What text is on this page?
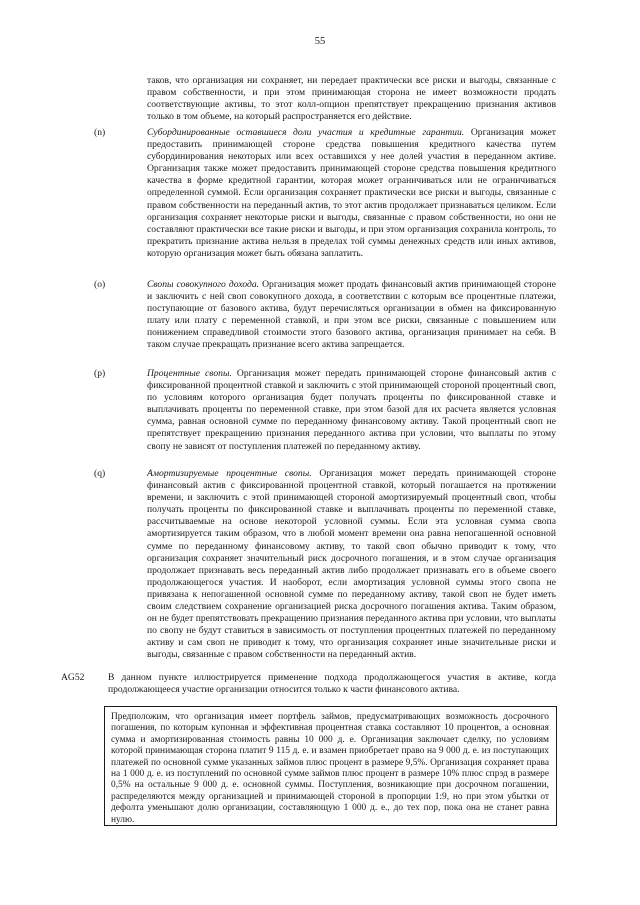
55
таков, что организация ни сохраняет, ни передает практически все риски и выгоды, связанные с правом собственности, и при этом принимающая сторона не имеет возможности продать соответствующие активы, то этот колл-опцион препятствует прекращению признания активов только в том объеме, на который распространяется его действие.
(n)	Субординированные оставшиеся доли участия и кредитные гарантии. Организация может предоставить принимающей стороне средства повышения кредитного качества путем субординирования некоторых или всех оставшихся у нее долей участия в переданном активе. Организация также может предоставить принимающей стороне средства повышения кредитного качества в форме кредитной гарантии, которая может ограничиваться или не ограничиваться определенной суммой. Если организация сохраняет практически все риски и выгоды, связанные с правом собственности на переданный актив, то этот актив продолжает признаваться целиком. Если организация сохраняет некоторые риски и выгоды, связанные с правом собственности, но они не составляют практически все такие риски и выгоды, и при этом организация сохранила контроль, то прекратить признание актива нельзя в пределах той суммы денежных средств или иных активов, которую организация может быть обязана заплатить.
(o)	Свопы совокупного дохода. Организация может продать финансовый актив принимающей стороне и заключить с ней своп совокупного дохода, в соответствии с которым все процентные платежи, поступающие от базового актива, будут перечисляться организации в обмен на фиксированную плату или плату с переменной ставкой, и при этом все риски, связанные с повышением или понижением справедливой стоимости этого базового актива, организация принимает на себя. В таком случае прекращать признание всего актива запрещается.
(p)	Процентные свопы. Организация может передать принимающей стороне финансовый актив с фиксированной процентной ставкой и заключить с этой принимающей стороной процентный своп, по условиям которого организация будет получать проценты по фиксированной ставке и выплачивать проценты по переменной ставке, при этом базой для их расчета является условная сумма, равная основной сумме по переданному финансовому активу. Такой процентный своп не препятствует прекращению признания переданного актива при условии, что выплаты по этому свопу не зависят от поступления платежей по переданному активу.
(q)	Амортизируемые процентные свопы. Организация может передать принимающей стороне финансовый актив с фиксированной процентной ставкой, который погашается на протяжении времени, и заключить с этой принимающей стороной амортизируемый процентный своп, чтобы получать проценты по фиксированной ставке и выплачивать проценты по переменной ставке, рассчитываемые на основе некоторой условной суммы. Если эта условная сумма свопа амортизируется таким образом, что в любой момент времени она равна непогашенной основной сумме по переданному финансовому активу, то такой своп обычно приводит к тому, что организация сохраняет значительный риск досрочного погашения, и в этом случае организация продолжает признавать весь переданный актив либо продолжает признавать его в объеме своего продолжающегося участия. И наоборот, если амортизация условной суммы этого свопа не привязана к непогашенной основной сумме по переданному активу, такой своп не будет иметь своим следствием сохранение организацией риска досрочного погашения актива. Таким образом, он не будет препятствовать прекращению признания переданного актива при условии, что выплаты по свопу не будут ставиться в зависимость от поступления процентных платежей по переданному активу и сам своп не приводит к тому, что организация сохраняет иные значительные риски и выгоды, связанные с правом собственности на переданный актив.
AG52 В данном пункте иллюстрируется применение подхода продолжающегося участия в активе, когда продолжающееся участие организации относится только к части финансового актива.
Предположим, что организация имеет портфель займов, предусматривающих возможность досрочного погашения, по которым купонная и эффективная процентная ставка составляют 10 процентов, а основная сумма и амортизированная стоимость равны 10 000 д. е. Организация заключает сделку, по условиям которой принимающая сторона платит 9 115 д. е. и взамен приобретает право на 9 000 д. е. из поступающих платежей по основной сумме указанных займов плюс процент в размере 9,5%. Организация сохраняет права на 1 000 д. е. из поступлений по основной сумме займов плюс процент в размере 10% плюс спрэд в размере 0,5% на остальные 9 000 д. е. основной суммы. Поступления, возникающие при досрочном погашении, распределяются между организацией и принимающей стороной в пропорции 1:9, но при этом убытки от дефолта уменьшают долю организации, составляющую 1 000 д. е., до тех пор, пока она не станет равна нулю.
